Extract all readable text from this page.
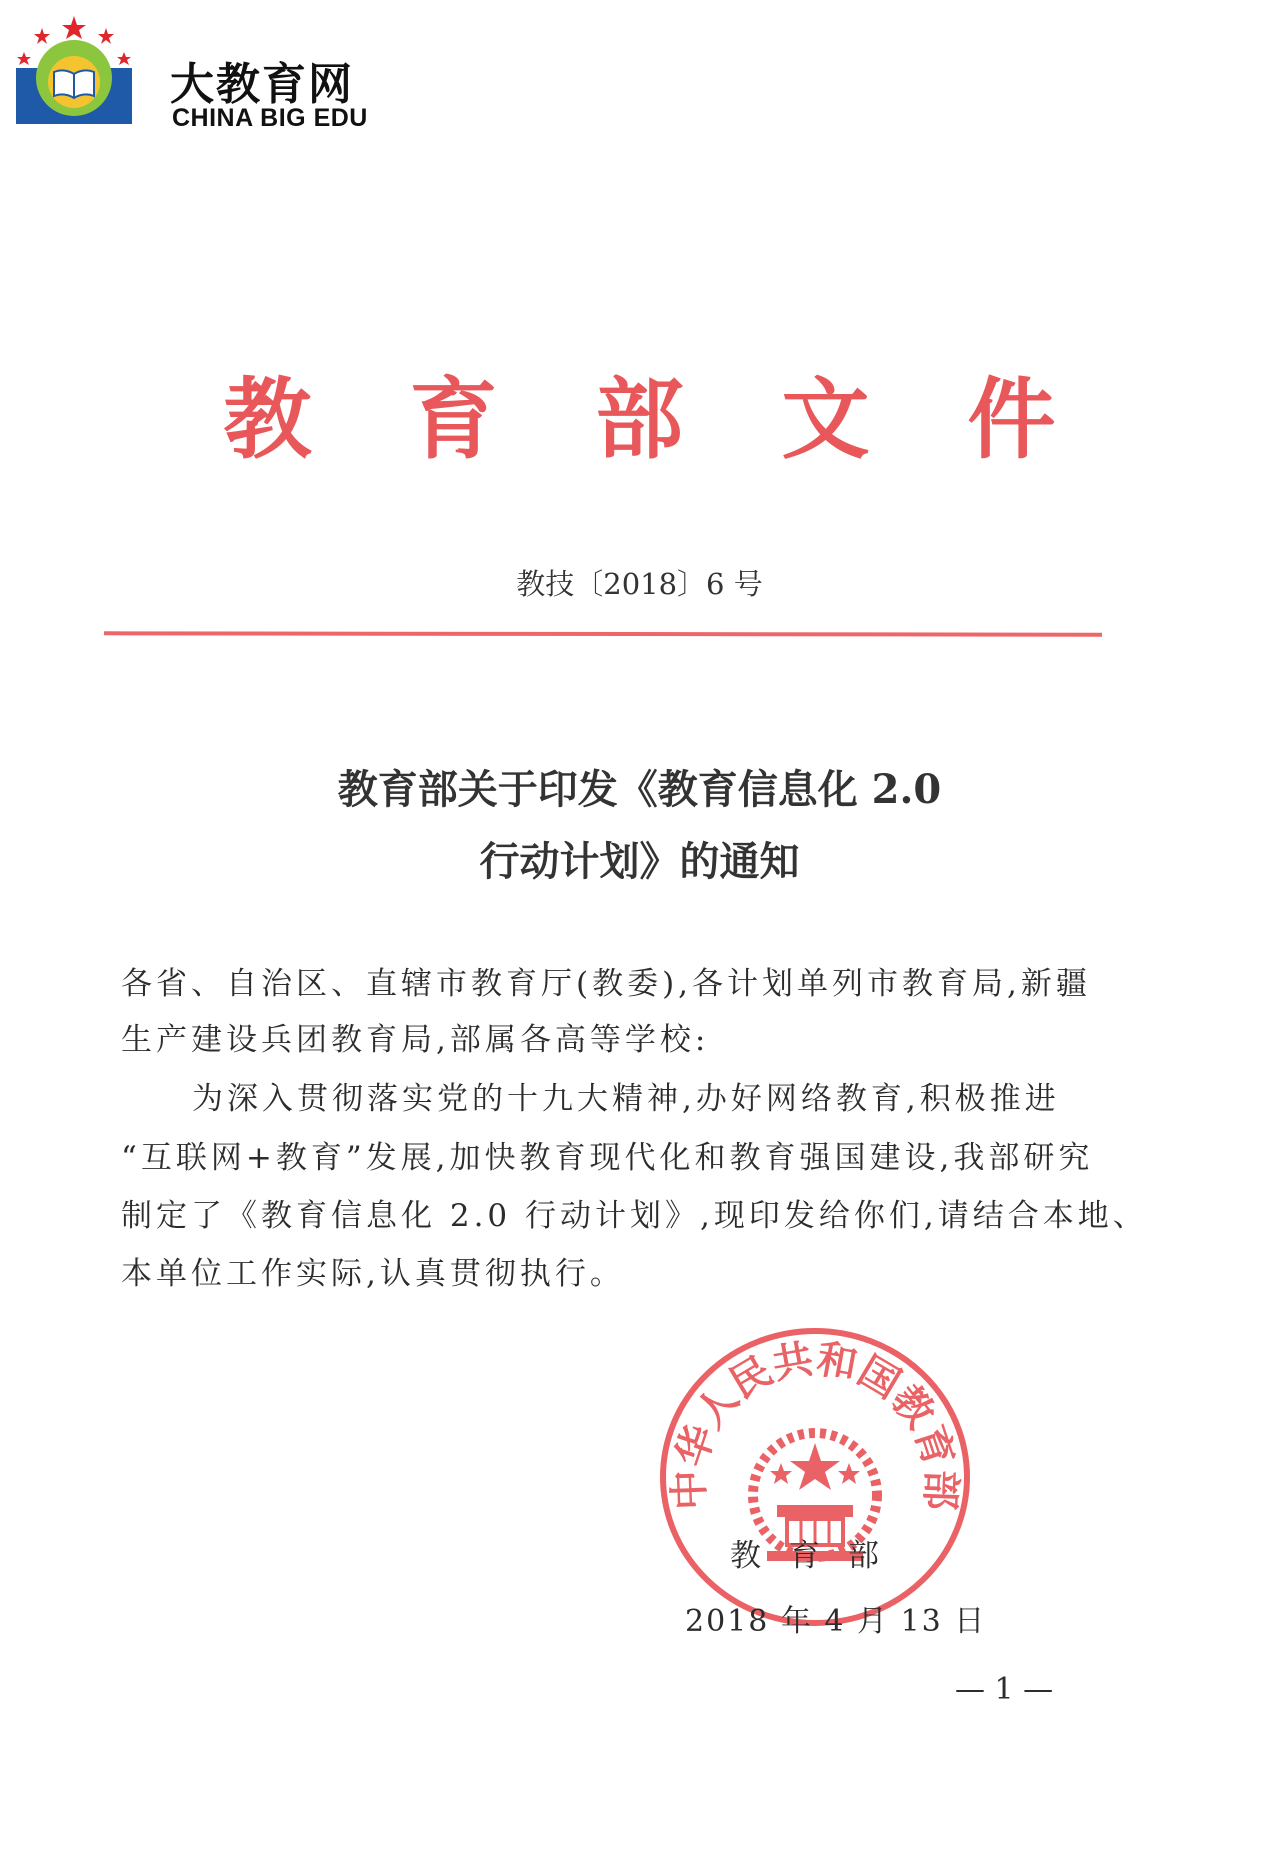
大教育网
CHINA BIG EDU
教 育 部 文 件
教技〔2018〕6 号
教育部关于印发《教育信息化 2.0
行动计划》的通知
各省、自治区、直辖市教育厅(教委),各计划单列市教育局,新疆
生产建设兵团教育局,部属各高等学校:
为深入贯彻落实党的十九大精神,办好网络教育,积极推进
“互联网+教育”发展,加快教育现代化和教育强国建设,我部研究
制定了《教育信息化 2.0 行动计划》,现印发给你们,请结合本地、
本单位工作实际,认真贯彻执行。
中华人民共和国教育部
教育部
2018 年 4 月 13 日
— 1 —
